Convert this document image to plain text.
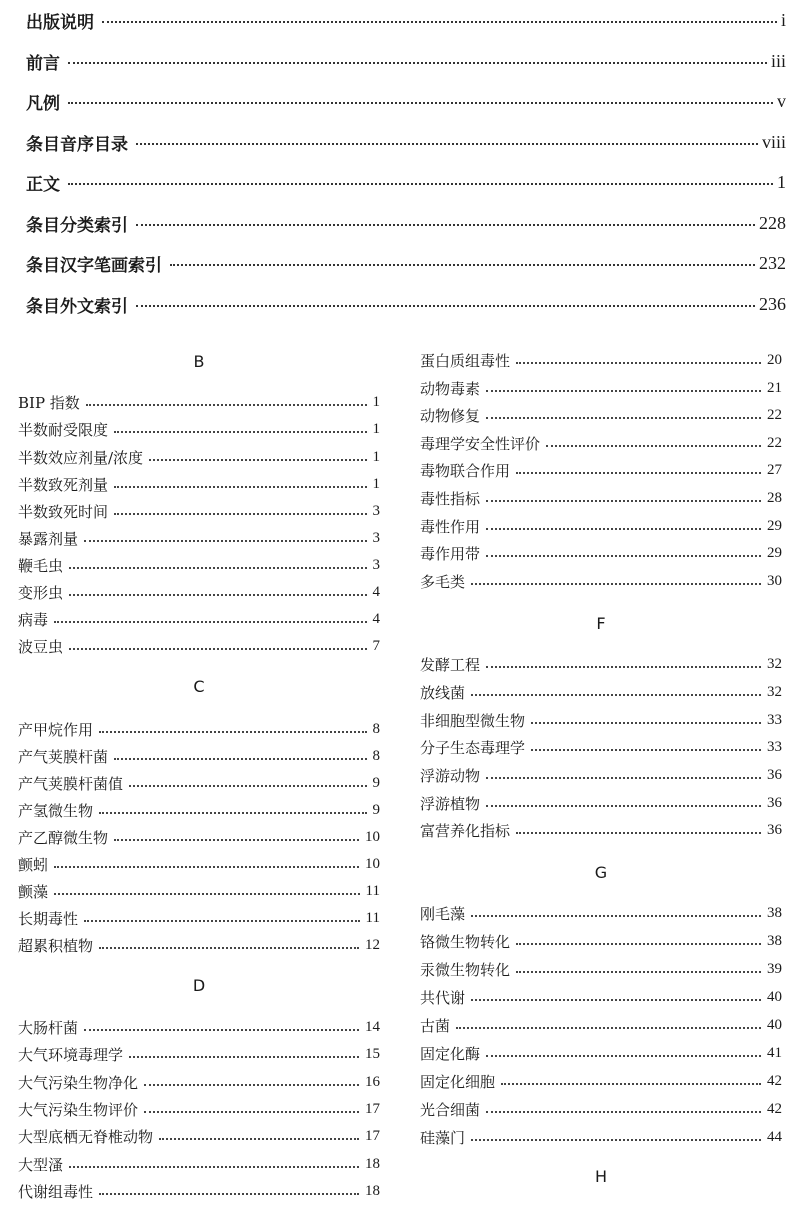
出版说明	i
前言	iii
凡例	v
条目音序目录	viii
正文	1
条目分类索引	228
条目汉字笔画索引	232
条目外文索引	236
B
BIP 指数	1
半数耐受限度	1
半数效应剂量/浓度	1
半数致死剂量	1
半数致死时间	3
暴露剂量	3
鞭毛虫	3
变形虫	4
病毒	4
波豆虫	7
C
产甲烷作用	8
产气荚膜杆菌	8
产气荚膜杆菌值	9
产氢微生物	9
产乙醇微生物	10
颤蚓	10
颤藻	11
长期毒性	11
超累积植物	12
D
大肠杆菌	14
大气环境毒理学	15
大气污染生物净化	16
大气污染生物评价	17
大型底栖无脊椎动物	17
大型溞	18
代谢组毒性	18
蛋白质组毒性	20
动物毒素	21
动物修复	22
毒理学安全性评价	22
毒物联合作用	27
毒性指标	28
毒性作用	29
毒作用带	29
多毛类	30
F
发酵工程	32
放线菌	32
非细胞型微生物	33
分子生态毒理学	33
浮游动物	36
浮游植物	36
富营养化指标	36
G
刚毛藻	38
铬微生物转化	38
汞微生物转化	39
共代谢	40
古菌	40
固定化酶	41
固定化细胞	42
光合细菌	42
硅藻门	44
H
